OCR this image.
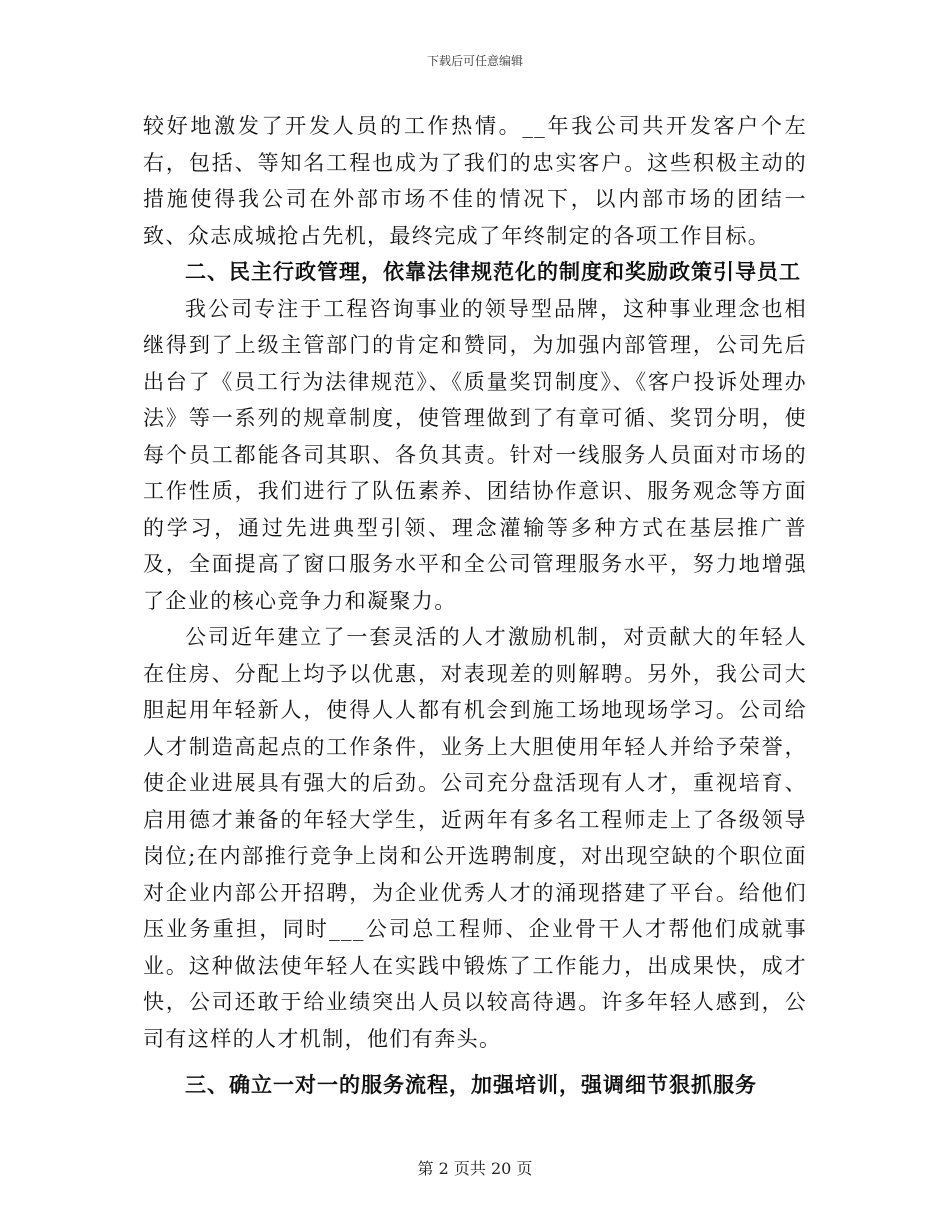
下载后可任意编辑

较好地激发了开发人员的工作热情。__年我公司共开发客户个左右，包括、等知名工程也成为了我们的忠实客户。这些积极主动的措施使得我公司在外部市场不佳的情况下，以内部市场的团结一致、众志成城抢占先机，最终完成了年终制定的各项工作目标。

二、民主行政管理，依靠法律规范化的制度和奖励政策引导员工

我公司专注于工程咨询事业的领导型品牌，这种事业理念也相继得到了上级主管部门的肯定和赞同，为加强内部管理，公司先后出台了《员工行为法律规范》、《质量奖罚制度》、《客户投诉处理办法》等一系列的规章制度，使管理做到了有章可循、奖罚分明，使每个员工都能各司其职、各负其责。针对一线服务人员面对市场的工作性质，我们进行了队伍素养、团结协作意识、服务观念等方面的学习，通过先进典型引领、理念灌输等多种方式在基层推广普及，全面提高了窗口服务水平和全公司管理服务水平，努力地增强了企业的核心竞争力和凝聚力。

公司近年建立了一套灵活的人才激励机制，对贡献大的年轻人在住房、分配上均予以优惠，对表现差的则解聘。另外，我公司大胆起用年轻新人，使得人人都有机会到施工场地现场学习。公司给人才制造高起点的工作条件，业务上大胆使用年轻人并给予荣誉，使企业进展具有强大的后劲。公司充分盘活现有人才，重视培育、启用德才兼备的年轻大学生，近两年有多名工程师走上了各级领导岗位;在内部推行竞争上岗和公开选聘制度，对出现空缺的个职位面对企业内部公开招聘，为企业优秀人才的涌现搭建了平台。给他们压业务重担，同时___公司总工程师、企业骨干人才帮他们成就事业。这种做法使年轻人在实践中锻炼了工作能力，出成果快，成才快，公司还敢于给业绩突出人员以较高待遇。许多年轻人感到，公司有这样的人才机制，他们有奔头。

三、确立一对一的服务流程，加强培训，强调细节狠抓服务

第 2 页共 20 页
